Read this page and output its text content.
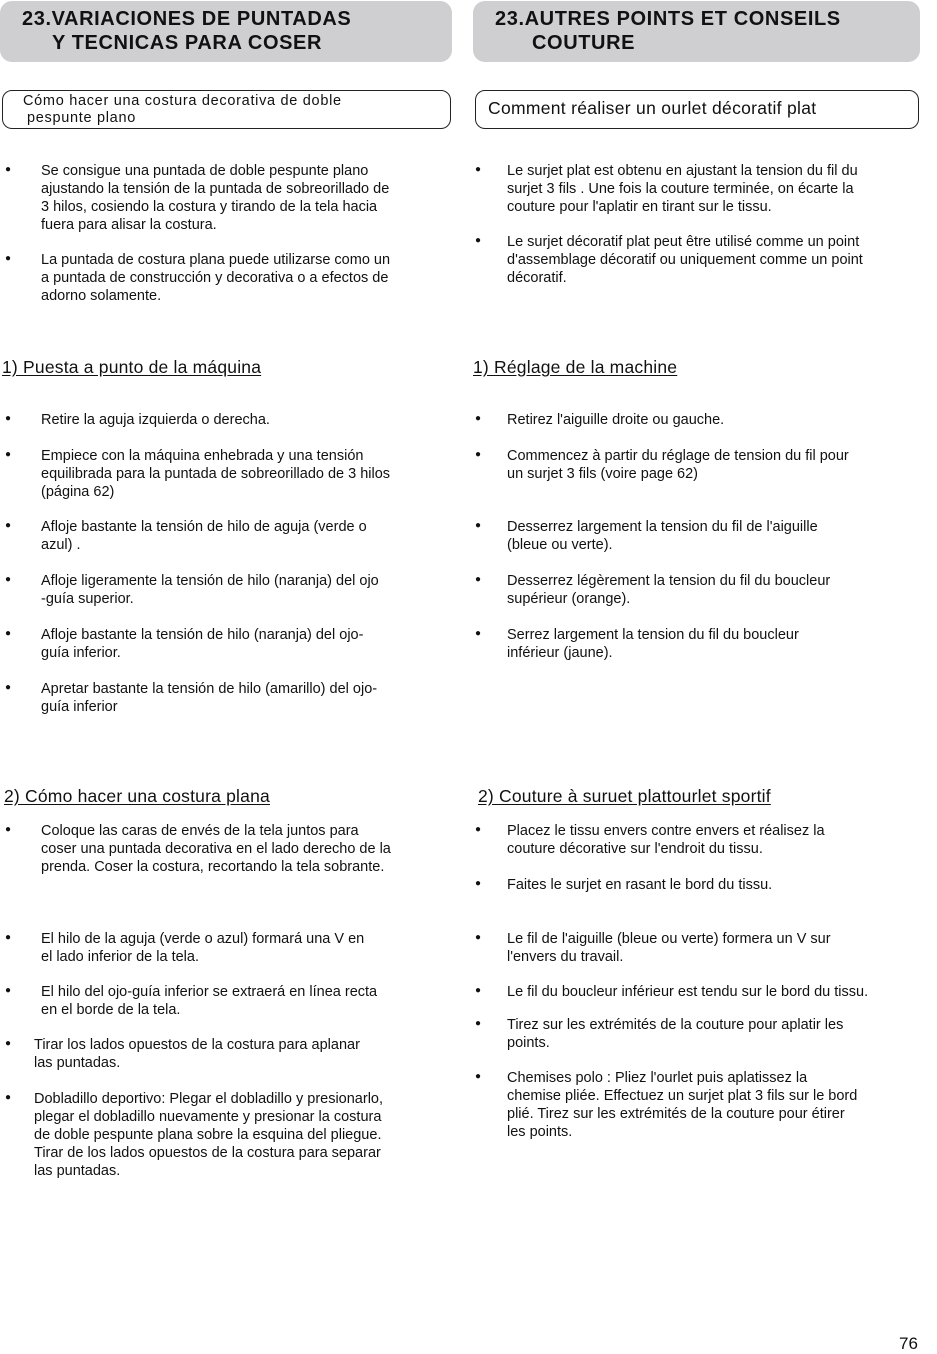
23.VARIACIONES DE PUNTADAS
Y TECNICAS PARA COSER
23.AUTRES POINTS ET CONSEILS
COUTURE
Cómo hacer una costura decorativa de doble
pespunte plano	Comment réaliser un ourlet décoratif plat
● Se consigue una puntada de doble pespunte plano
ajustando la tensión de la puntada de sobreorillado de
3 hilos, cosiendo la costura y tirando de la tela hacia
fuera para alisar la costura.
● La puntada de costura plana puede utilizarse como un
a puntada de construcción y decorativa o a efectos de
adorno solamente.
● Le surjet plat est obtenu en ajustant la tension du fil du
surjet 3 fils . Une fois la couture terminée, on écarte la
couture pour l'aplatir en tirant sur le tissu.
● Le surjet décoratif plat peut être utilisé comme un point
d'assemblage décoratif ou uniquement comme un point
décoratif.
1) Puesta a punto de la máquina	1) Réglage de la machine
● Retire la aguja izquierda o derecha.
● Empiece con la máquina enhebrada y una tensión
equilibrada para la puntada de sobreorillado de 3 hilos
(página 62)
● Afloje bastante la tensión de hilo de aguja (verde o
azul) .
● Afloje ligeramente la tensión de hilo (naranja) del ojo
-guía superior.
● Afloje bastante la tensión de hilo (naranja) del ojo-
guía inferior.
● Apretar bastante la tensión de hilo (amarillo) del ojo-
guía inferior
● Retirez l'aiguille droite ou gauche.
● Commencez à partir du réglage de tension du fil pour
un surjet 3 fils (voire page 62)
● Desserrez largement la tension du fil de l'aiguille
(bleue ou verte).
● Desserrez légèrement la tension du fil du boucleur
supérieur (orange).
● Serrez largement la tension du fil du boucleur
inférieur (jaune).
2) Cómo hacer una costura plana	2) Couture à suruet plattourlet sportif
● Coloque las caras de envés de la tela juntos para
coser una puntada decorativa en el lado derecho de la
prenda. Coser la costura, recortando la tela sobrante.
● El hilo de la aguja (verde o azul) formará una V en
el lado inferior de la tela.
● El hilo del ojo-guía inferior se extraerá en línea recta
en el borde de la tela.
● Tirar los lados opuestos de la costura para aplanar
las puntadas.
● Dobladillo deportivo: Plegar el dobladillo y presionarlo,
plegar el dobladillo nuevamente y presionar la costura
de doble pespunte plana sobre la esquina del pliegue.
Tirar de los lados opuestos de la costura para separar
las puntadas.
● Placez le tissu envers contre envers et réalisez la
couture décorative sur l'endroit du tissu.
● Faites le surjet en rasant le bord du tissu.
● Le fil de l'aiguille (bleue ou verte) formera un V sur
l'envers du travail.
● Le fil du boucleur inférieur est tendu sur le bord du tissu.
● Tirez sur les extrémités de la couture pour aplatir les
points.
● Chemises polo : Pliez l'ourlet puis aplatissez la
chemise pliée. Effectuez un surjet plat 3 fils sur le bord
plié. Tirez sur les extrémités de la couture pour étirer
les points.
76
